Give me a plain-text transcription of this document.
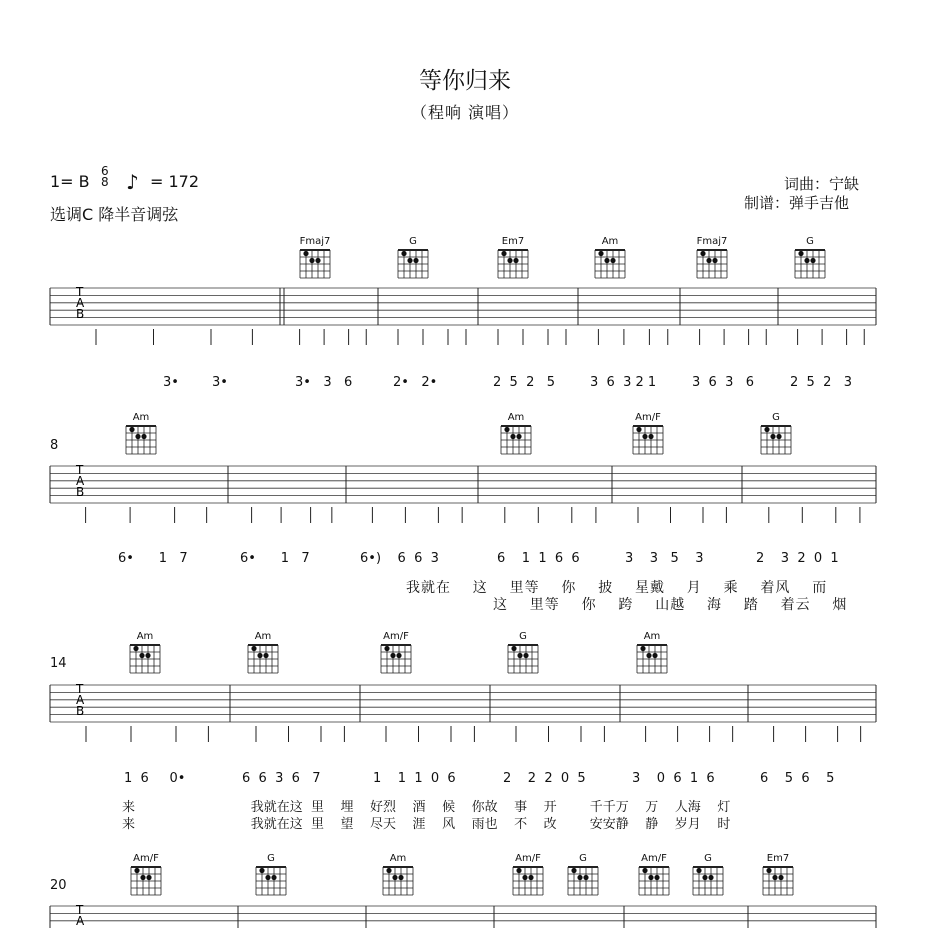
等你归来
（程响 演唱）
1= B
6
8 ♪ = 172
选调C 降半音调弦
词曲：宁缺
制谱：弹手吉他
8
14
20
Fmaj7	G	Em7	Am	Fmaj7	G
Am	Am	Am/F	G
Am	Am	Am/F	G	Am
Am/F	G	Am	Am/F	G	Am/F	G	Em7
3•        3•	3•   3   6	2•   2•	2  5  2   5	3  6  3 2 1	3  6  3   6	2  5  2   3
6•      1   7	6•      1   7	6•)    6  6  3	6    1  1  6  6	3    3   5    3	2    3  2  0  1
1  6     0•	6  6  3  6   7	1    1  1  0  6	2    2  2  0  5	3    0  6  1  6	6    5  6    5
我就在    这    里等    你    披    星戴    月    乘    着风    而
这    里等    你    跨    山越    海    踏    着云    烟
来                            我就在这  里    埋    好烈    酒    候    你故    事    开        千千万    万    人海    灯
来                            我就在这  里    望    尽天    涯    风    雨也    不    改        安安静    静    岁月    时
T
A
B
T
A
B
T
A
B
T
A
